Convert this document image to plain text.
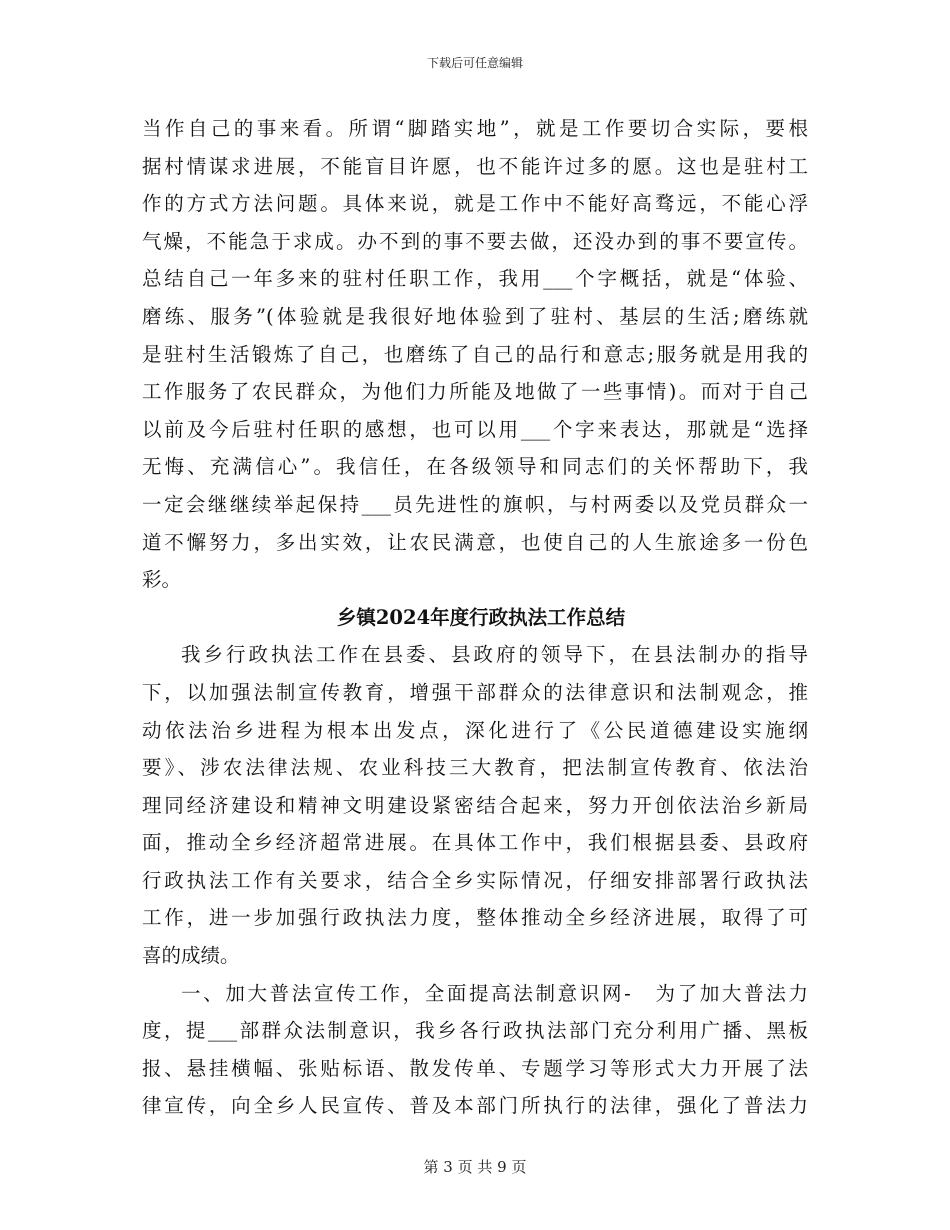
下载后可任意编辑
当作自己的事来看。所谓“脚踏实地”，就是工作要切合实际，要根
据村情谋求进展，不能盲目许愿，也不能许过多的愿。这也是驻村工
作的方式方法问题。具体来说，就是工作中不能好高骛远，不能心浮
气燥，不能急于求成。办不到的事不要去做，还没办到的事不要宣传。
总结自己一年多来的驻村任职工作，我用___个字概括，就是“体验、
磨练、服务”(体验就是我很好地体验到了驻村、基层的生活;磨练就
是驻村生活锻炼了自己，也磨练了自己的品行和意志;服务就是用我的
工作服务了农民群众，为他们力所能及地做了一些事情)。而对于自己
以前及今后驻村任职的感想，也可以用___个字来表达，那就是“选择
无悔、充满信心”。我信任，在各级领导和同志们的关怀帮助下，我
一定会继继续举起保持___员先进性的旗帜，与村两委以及党员群众一
道不懈努力，多出实效，让农民满意，也使自己的人生旅途多一份色
彩。
乡镇2024年度行政执法工作总结
我乡行政执法工作在县委、县政府的领导下，在县法制办的指导
下，以加强法制宣传教育，增强干部群众的法律意识和法制观念，推
动依法治乡进程为根本出发点，深化进行了《公民道德建设实施纲
要》、涉农法律法规、农业科技三大教育，把法制宣传教育、依法治
理同经济建设和精神文明建设紧密结合起来，努力开创依法治乡新局
面，推动全乡经济超常进展。在具体工作中，我们根据县委、县政府
行政执法工作有关要求，结合全乡实际情况，仔细安排部署行政执法
工作，进一步加强行政执法力度，整体推动全乡经济进展，取得了可
喜的成绩。
一、加大普法宣传工作，全面提高法制意识网-　为了加大普法力
度，提___部群众法制意识，我乡各行政执法部门充分利用广播、黑板
报、悬挂横幅、张贴标语、散发传单、专题学习等形式大力开展了法
律宣传，向全乡人民宣传、普及本部门所执行的法律，强化了普法力
第 3 页 共 9 页
